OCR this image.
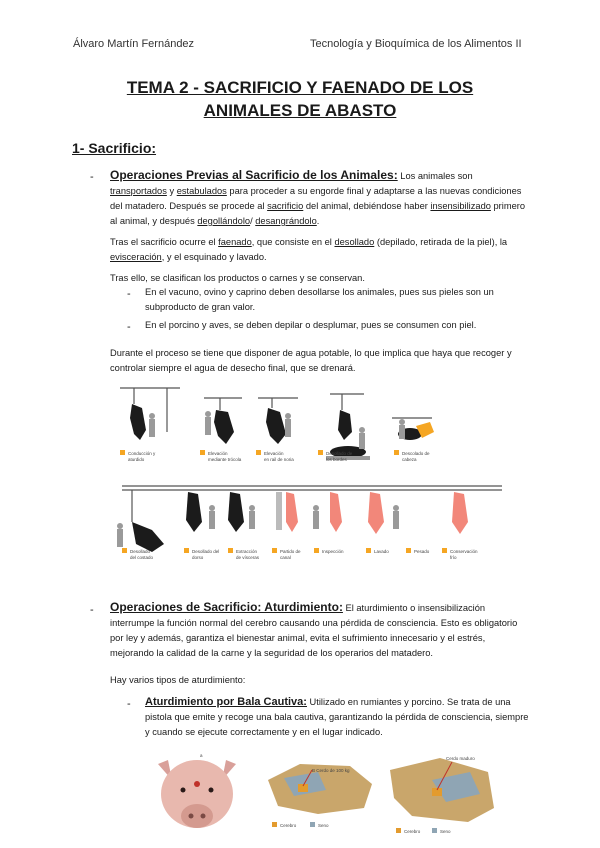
Álvaro Martín Fernández	Tecnología y Bioquímica de los Alimentos II
TEMA 2 - SACRIFICIO Y FAENADO DE LOS
ANIMALES DE ABASTO
1- Sacrificio:
- Operaciones Previas al Sacrificio de los Animales: Los animales son transportados y estabulados para proceder a su engorde final y adaptarse a las nuevas condiciones del matadero. Después se procede al sacrificio del animal, debiéndose haber insensibilizado primero al animal, y después degollándolo/ desangrándolo.

Tras el sacrificio ocurre el faenado, que consiste en el desollado (depilado, retirada de la piel), la evisceración, y el esquinado y lavado.

Tras ello, se clasifican los productos o carnes y se conservan.

- En el vacuno, ovino y caprino deben desollarse los animales, pues sus pieles son un subproducto de gran valor.
- En el porcino y aves, se deben depilar o desplumar, pues se consumen con piel.
Durante el proceso se tiene que disponer de agua potable, lo que implica que haya que recoger y controlar siempre el agua de desecho final, que se drenará.
Conducción y
aturdido
Elevación
mediante trócola
Elevación
en rail de noria
Desollado de
los bordes
Descolado de
cabeza
Desollado
del costado
Desollado del
dorso
Extracción
de vísceras
Partido de
canal
Inspección	Lavado	Pesado	Conservación
frío
- Operaciones de Sacrificio: Aturdimiento: El aturdimiento o insensibilización interrumpe la función normal del cerebro causando una pérdida de consciencia. Esto es obligatorio por ley y además, garantiza el bienestar animal, evita el sufrimiento innecesario y el estrés, mejorando la calidad de la carne y la seguridad de los operarios del matadero.

Hay varios tipos de aturdimiento:

- Aturdimiento por Bala Cautiva: Utilizado en rumiantes y porcino. Se trata de una pistola que emite y recoge una bala cautiva, garantizando la pérdida de consciencia, siempre y cuando se ejecute correctamente y en el lugar indicado.
a
B Cerdo de 100 kg
Cerdo maduro
Cerebro	Seno
Cerebro	Seno
